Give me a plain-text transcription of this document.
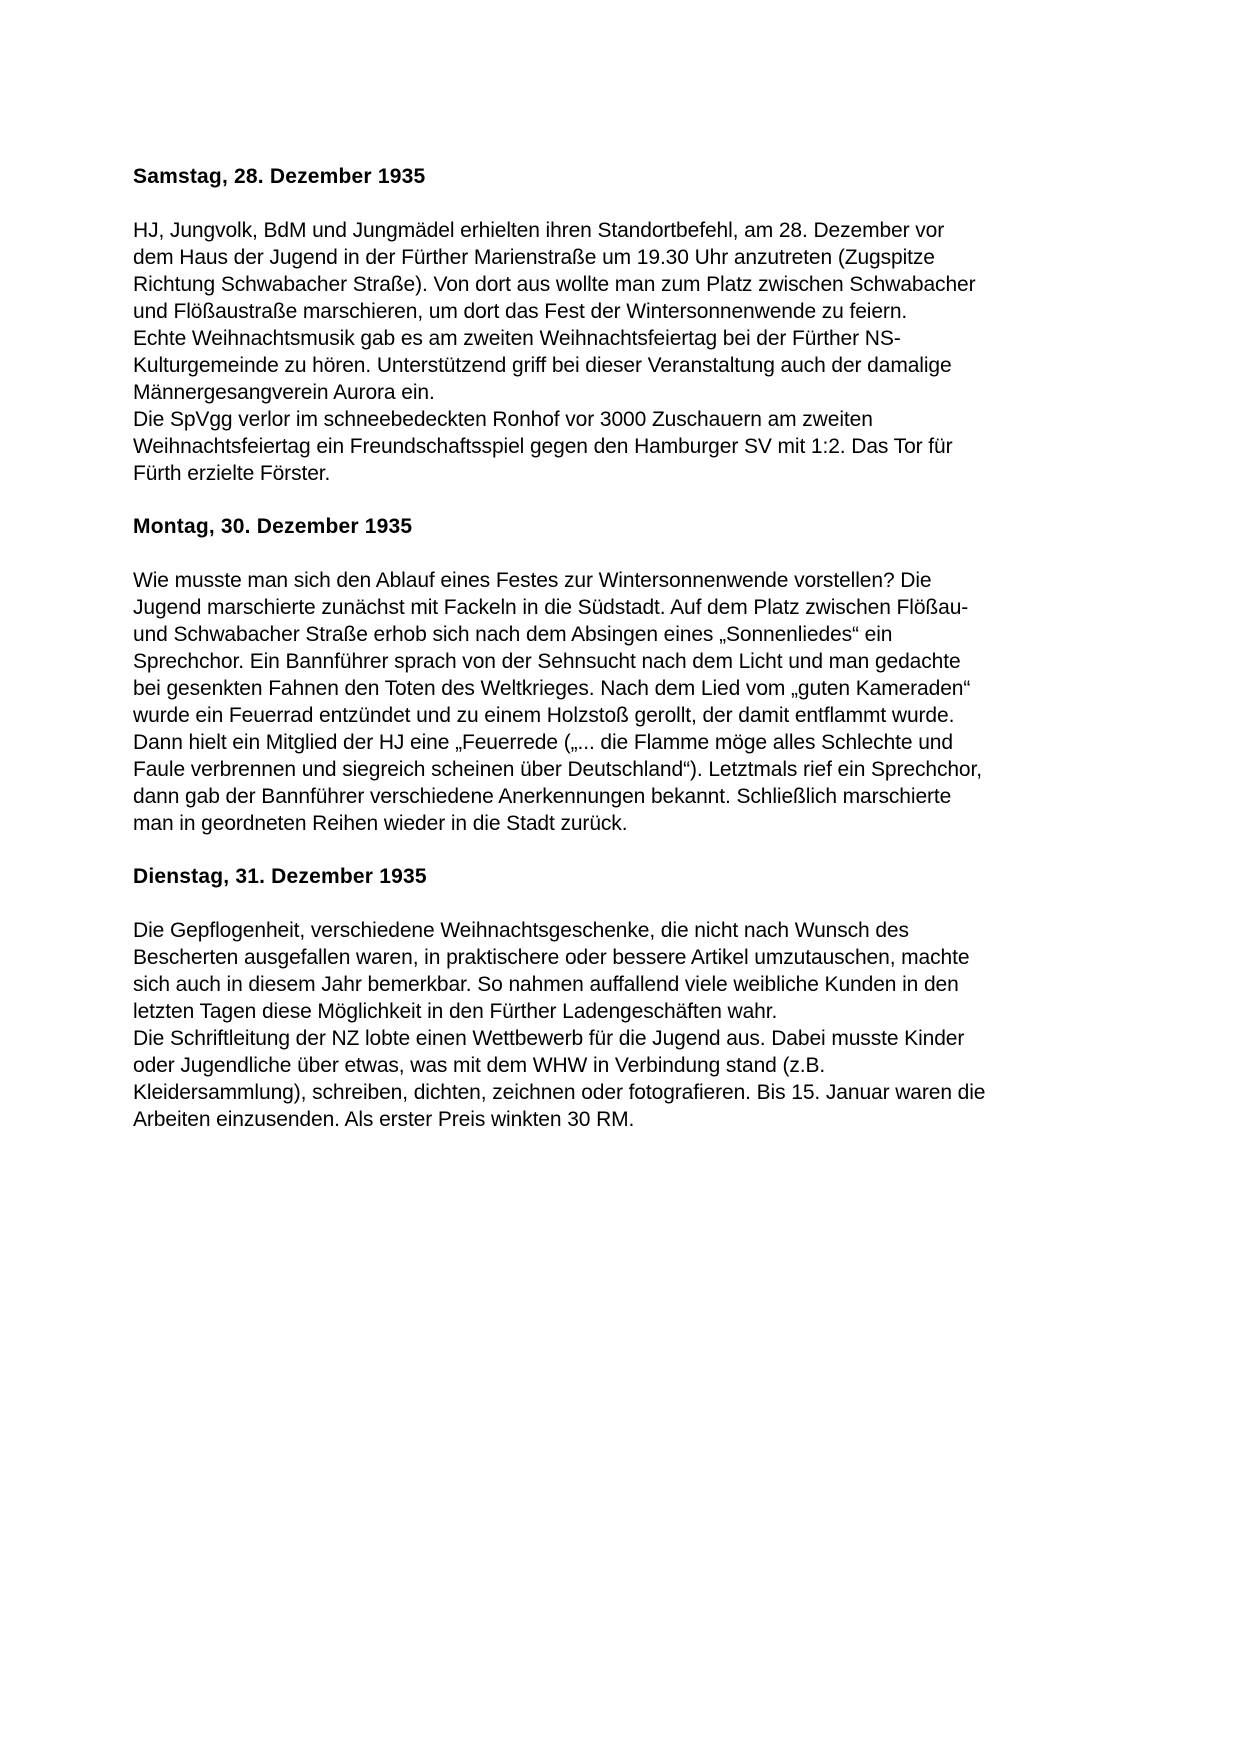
Samstag, 28. Dezember 1935
HJ, Jungvolk, BdM und Jungmädel erhielten ihren Standortbefehl, am 28. Dezember vor
dem Haus der Jugend in der Fürther Marienstraße um 19.30 Uhr anzutreten (Zugspitze
Richtung Schwabacher Straße). Von dort aus wollte man zum Platz zwischen Schwabacher
und Flößaustraße marschieren, um dort das Fest der Wintersonnenwende zu feiern.
Echte Weihnachtsmusik gab es am zweiten Weihnachtsfeiertag bei der Fürther NS-
Kulturgemeinde zu hören. Unterstützend griff bei dieser Veranstaltung auch der damalige
Männergesangverein Aurora ein.
Die SpVgg verlor im schneebedeckten Ronhof vor 3000 Zuschauern am zweiten
Weihnachtsfeiertag ein Freundschaftsspiel gegen den Hamburger SV mit 1:2. Das Tor für
Fürth erzielte Förster.
Montag, 30. Dezember 1935
Wie musste man sich den Ablauf eines Festes zur Wintersonnenwende vorstellen? Die
Jugend marschierte zunächst mit Fackeln in die Südstadt. Auf dem Platz zwischen Flößau-
und Schwabacher Straße erhob sich nach dem Absingen eines „Sonnenliedes“ ein
Sprechchor. Ein Bannführer sprach von der Sehnsucht nach dem Licht und man gedachte
bei gesenkten Fahnen den Toten des Weltkrieges. Nach dem Lied vom „guten Kameraden“
wurde ein Feuerrad entzündet und zu einem Holzstoß gerollt, der damit entflammt wurde.
Dann hielt ein Mitglied der HJ eine „Feuerrede („... die Flamme möge alles Schlechte und
Faule verbrennen und siegreich scheinen über Deutschland“). Letztmals rief ein Sprechchor,
dann gab der Bannführer verschiedene Anerkennungen bekannt. Schließlich marschierte
man in geordneten Reihen wieder in die Stadt zurück.
Dienstag, 31. Dezember 1935
Die Gepflogenheit, verschiedene Weihnachtsgeschenke, die nicht nach Wunsch des
Bescherten ausgefallen waren, in praktischere oder bessere Artikel umzutauschen, machte
sich auch in diesem Jahr bemerkbar. So nahmen auffallend viele weibliche Kunden in den
letzten Tagen diese Möglichkeit in den Fürther Ladengeschäften wahr.
Die Schriftleitung der NZ lobte einen Wettbewerb für die Jugend aus. Dabei musste Kinder
oder Jugendliche über etwas, was mit dem WHW in Verbindung stand (z.B.
Kleidersammlung), schreiben, dichten, zeichnen oder fotografieren. Bis 15. Januar waren die
Arbeiten einzusenden. Als erster Preis winkten 30 RM.
